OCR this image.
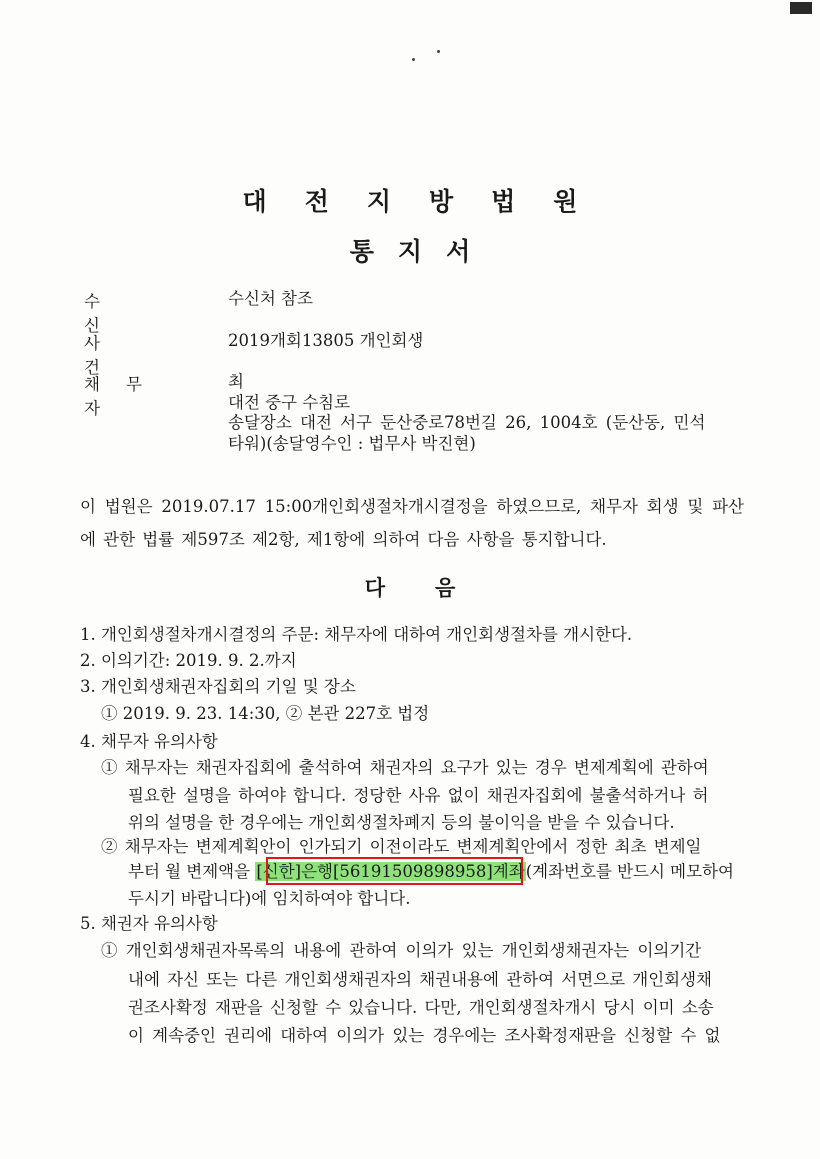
대전지방법원
통지서
수신
수신처 참조
사건
2019개회13805 개인회생
채무자
최
대전 중구 수침로
송달장소 대전 서구 둔산중로78번길 26, 1004호 (둔산동, 민석
타워)(송달영수인 : 법무사 박진현)
이 법원은 2019.07.17 15:00개인회생절차개시결정을 하였으므로, 채무자 회생 및 파산에 관한 법률 제597조 제2항, 제1항에 의하여 다음 사항을 통지합니다.
다음
1. 개인회생절차개시결정의 주문: 채무자에 대하여 개인회생절차를 개시한다.
2. 이의기간: 2019. 9. 2.까지
3. 개인회생채권자집회의 기일 및 장소
① 2019. 9. 23. 14:30, ② 본관 227호 법정
4. 채무자 유의사항
① 채무자는 채권자집회에 출석하여 채권자의 요구가 있는 경우 변제계획에 관하여
필요한 설명을 하여야 합니다. 정당한 사유 없이 채권자집회에 불출석하거나 허
위의 설명을 한 경우에는 개인회생절차폐지 등의 불이익을 받을 수 있습니다.
② 채무자는 변제계획안이 인가되기 이전이라도 변제계획안에서 정한 최초 변제일
부터 월 변제액을 [신한]은행[56191509898958]계좌(계좌번호를 반드시 메모하여
두시기 바랍니다)에 임치하여야 합니다.
5. 채권자 유의사항
① 개인회생채권자목록의 내용에 관하여 이의가 있는 개인회생채권자는 이의기간
내에 자신 또는 다른 개인회생채권자의 채권내용에 관하여 서면으로 개인회생채
권조사확정 재판을 신청할 수 있습니다. 다만, 개인회생절차개시 당시 이미 소송
이 계속중인 권리에 대하여 이의가 있는 경우에는 조사확정재판을 신청할 수 없
